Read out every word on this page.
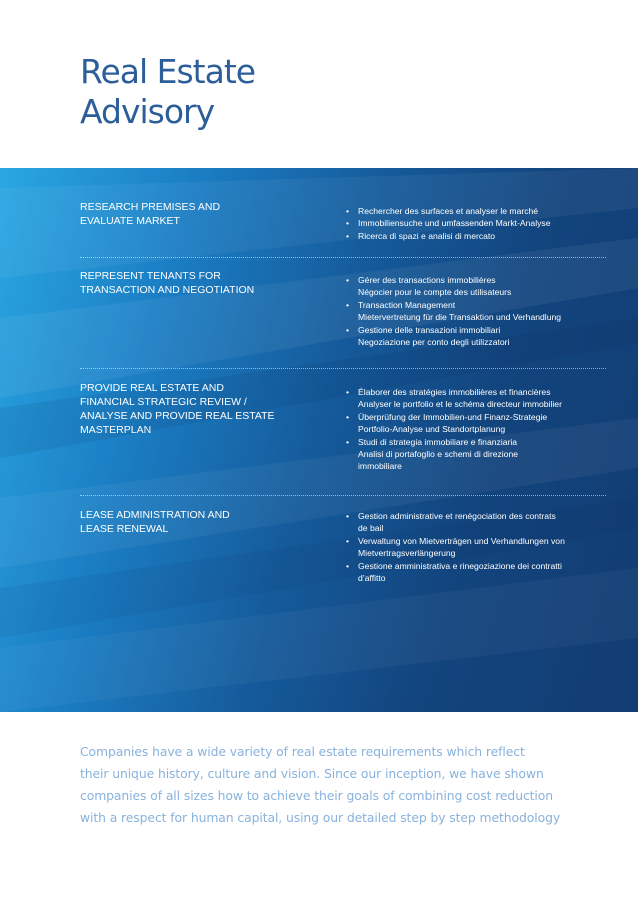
Real Estate
Advisory
RESEARCH PREMISES AND
EVALUATE MARKET
• Rechercher des surfaces et analyser le marché
• Immobiliensuche und umfassenden Markt-Analyse
• Ricerca di spazi e analisi di mercato
REPRESENT TENANTS FOR
TRANSACTION AND NEGOTIATION
• Gérer des transactions immobilières
Négocier pour le compte des utilisateurs
• Transaction Management
Mietervertretung für die Transaktion und Verhandlung
• Gestione delle transazioni immobiliari
Negoziazione per conto degli utilizzatori
PROVIDE REAL ESTATE AND
FINANCIAL STRATEGIC REVIEW /
ANALYSE AND PROVIDE REAL ESTATE
MASTERPLAN
• Élaborer des stratégies immobilières et financières
Analyser le portfolio et le schéma directeur immobilier
• Überprüfung der Immobilien-und Finanz-Strategie
Portfolio-Analyse und Standortplanung
• Studi di strategia immobiliare e finanziaria
Analisi di portafoglio e schemi di direzione
immobiliare
LEASE ADMINISTRATION AND
LEASE RENEWAL
• Gestion administrative et renégociation des contrats
de bail
• Verwaltung von Mietverträgen und Verhandlungen von
Mietvertragsverlängerung
• Gestione amministrativa e rinegoziazione dei contratti
d’affitto

Companies have a wide variety of real estate requirements which reflect
their unique history, culture and vision. Since our inception, we have shown
companies of all sizes how to achieve their goals of combining cost reduction
with a respect for human capital, using our detailed step by step methodology
